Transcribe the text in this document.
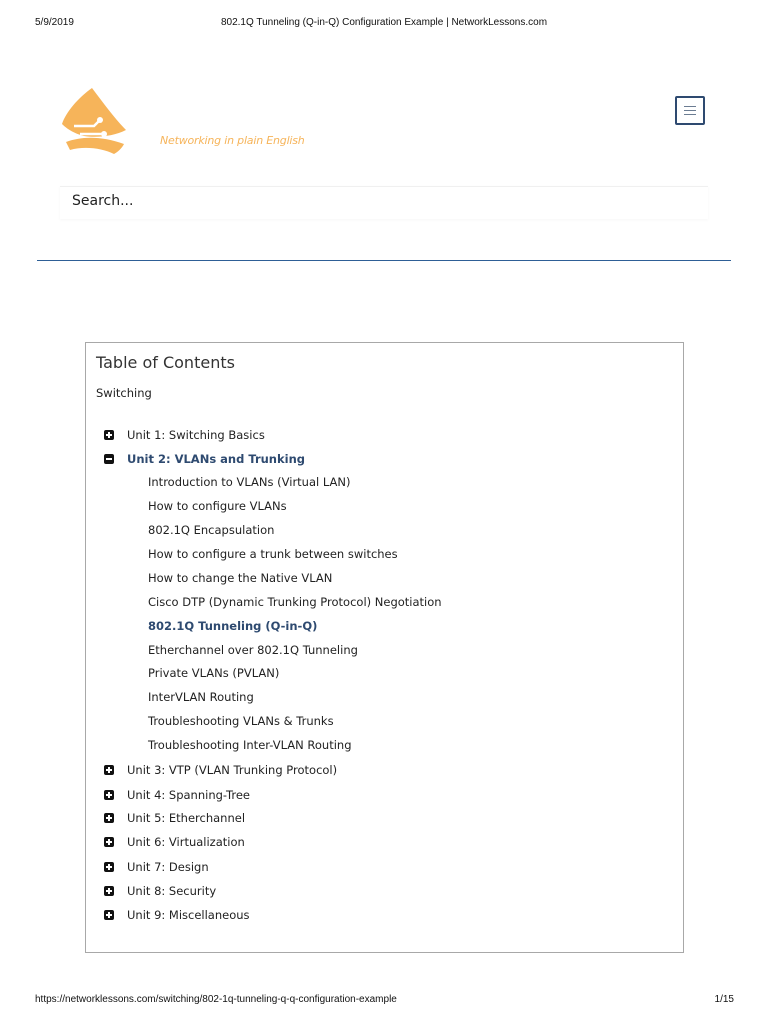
5/9/2019	802.1Q Tunneling (Q-in-Q) Configuration Example | NetworkLessons.com
Networking in plain English
Search...
Table of Contents
Switching
Unit 1: Switching Basics
Unit 2: VLANs and Trunking
Introduction to VLANs (Virtual LAN)
How to configure VLANs
802.1Q Encapsulation
How to configure a trunk between switches
How to change the Native VLAN
Cisco DTP (Dynamic Trunking Protocol) Negotiation
802.1Q Tunneling (Q-in-Q)
Etherchannel over 802.1Q Tunneling
Private VLANs (PVLAN)
InterVLAN Routing
Troubleshooting VLANs & Trunks
Troubleshooting Inter-VLAN Routing
Unit 3: VTP (VLAN Trunking Protocol)
Unit 4: Spanning-Tree
Unit 5: Etherchannel
Unit 6: Virtualization
Unit 7: Design
Unit 8: Security
Unit 9: Miscellaneous
https://networklessons.com/switching/802-1q-tunneling-q-q-configuration-example	1/15
